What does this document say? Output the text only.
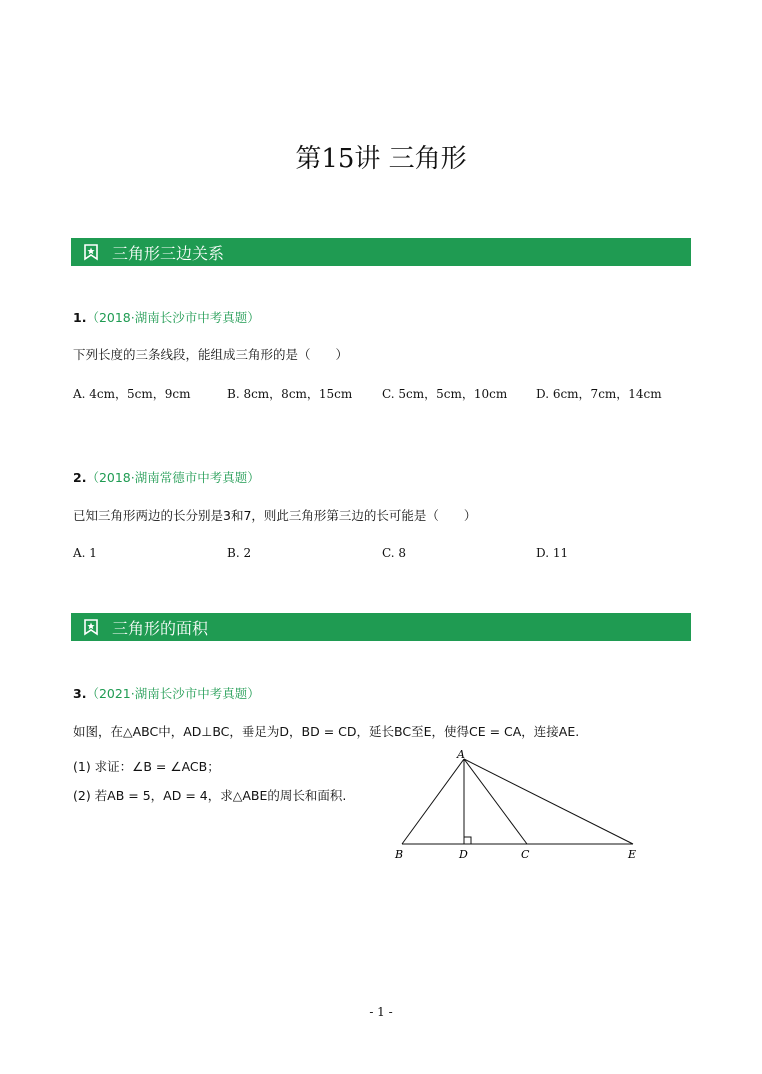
第15讲 三角形
三角形三边关系
1.（2018·湖南长沙市中考真题）
下列长度的三条线段，能组成三角形的是（　　）
A. 4cm，5cm，9cm	B. 8cm，8cm，15cm C. 5cm，5cm，10cm D. 6cm，7cm，14cm
2.（2018·湖南常德市中考真题）
已知三角形两边的长分别是3和7，则此三角形第三边的长可能是（　　）
A. 1	B. 2	C. 8	D. 11
三角形的面积
3.（2021·湖南长沙市中考真题）
如图，在△ABC中，AD⊥BC，垂足为D，BD = CD，延长BC至E，使得CE = CA，连接AE.
(1) 求证：∠B = ∠ACB；
(2) 若AB = 5，AD = 4，求△ABE的周长和面积.
A
B	D	C	E
- 1 -
